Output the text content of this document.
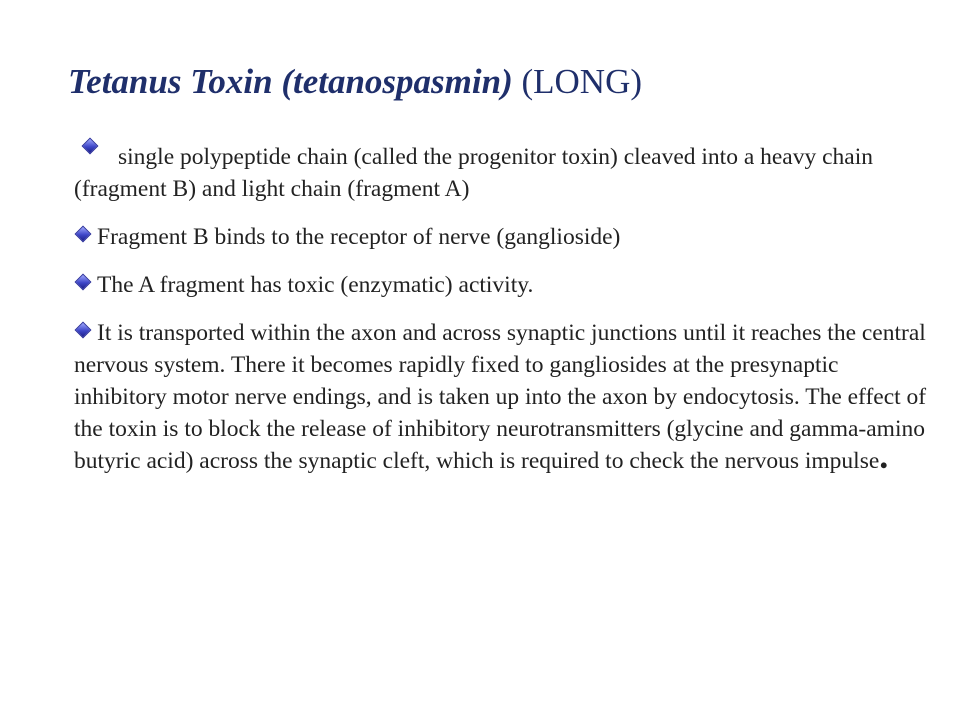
Tetanus Toxin (tetanospasmin) (LONG)
single polypeptide chain (called the progenitor toxin) cleaved into a heavy chain (fragment B) and light chain (fragment A)
Fragment B binds to the receptor of nerve (ganglioside)
The A fragment has toxic (enzymatic) activity.
It is transported within the axon and across synaptic junctions until it reaches the central nervous system. There it becomes rapidly fixed to gangliosides at the presynaptic inhibitory motor nerve endings, and is taken up into the axon by endocytosis. The effect of the toxin is to block the release of inhibitory neurotransmitters (glycine and gamma-amino butyric acid) across the synaptic cleft, which is required to check the nervous impulse.
